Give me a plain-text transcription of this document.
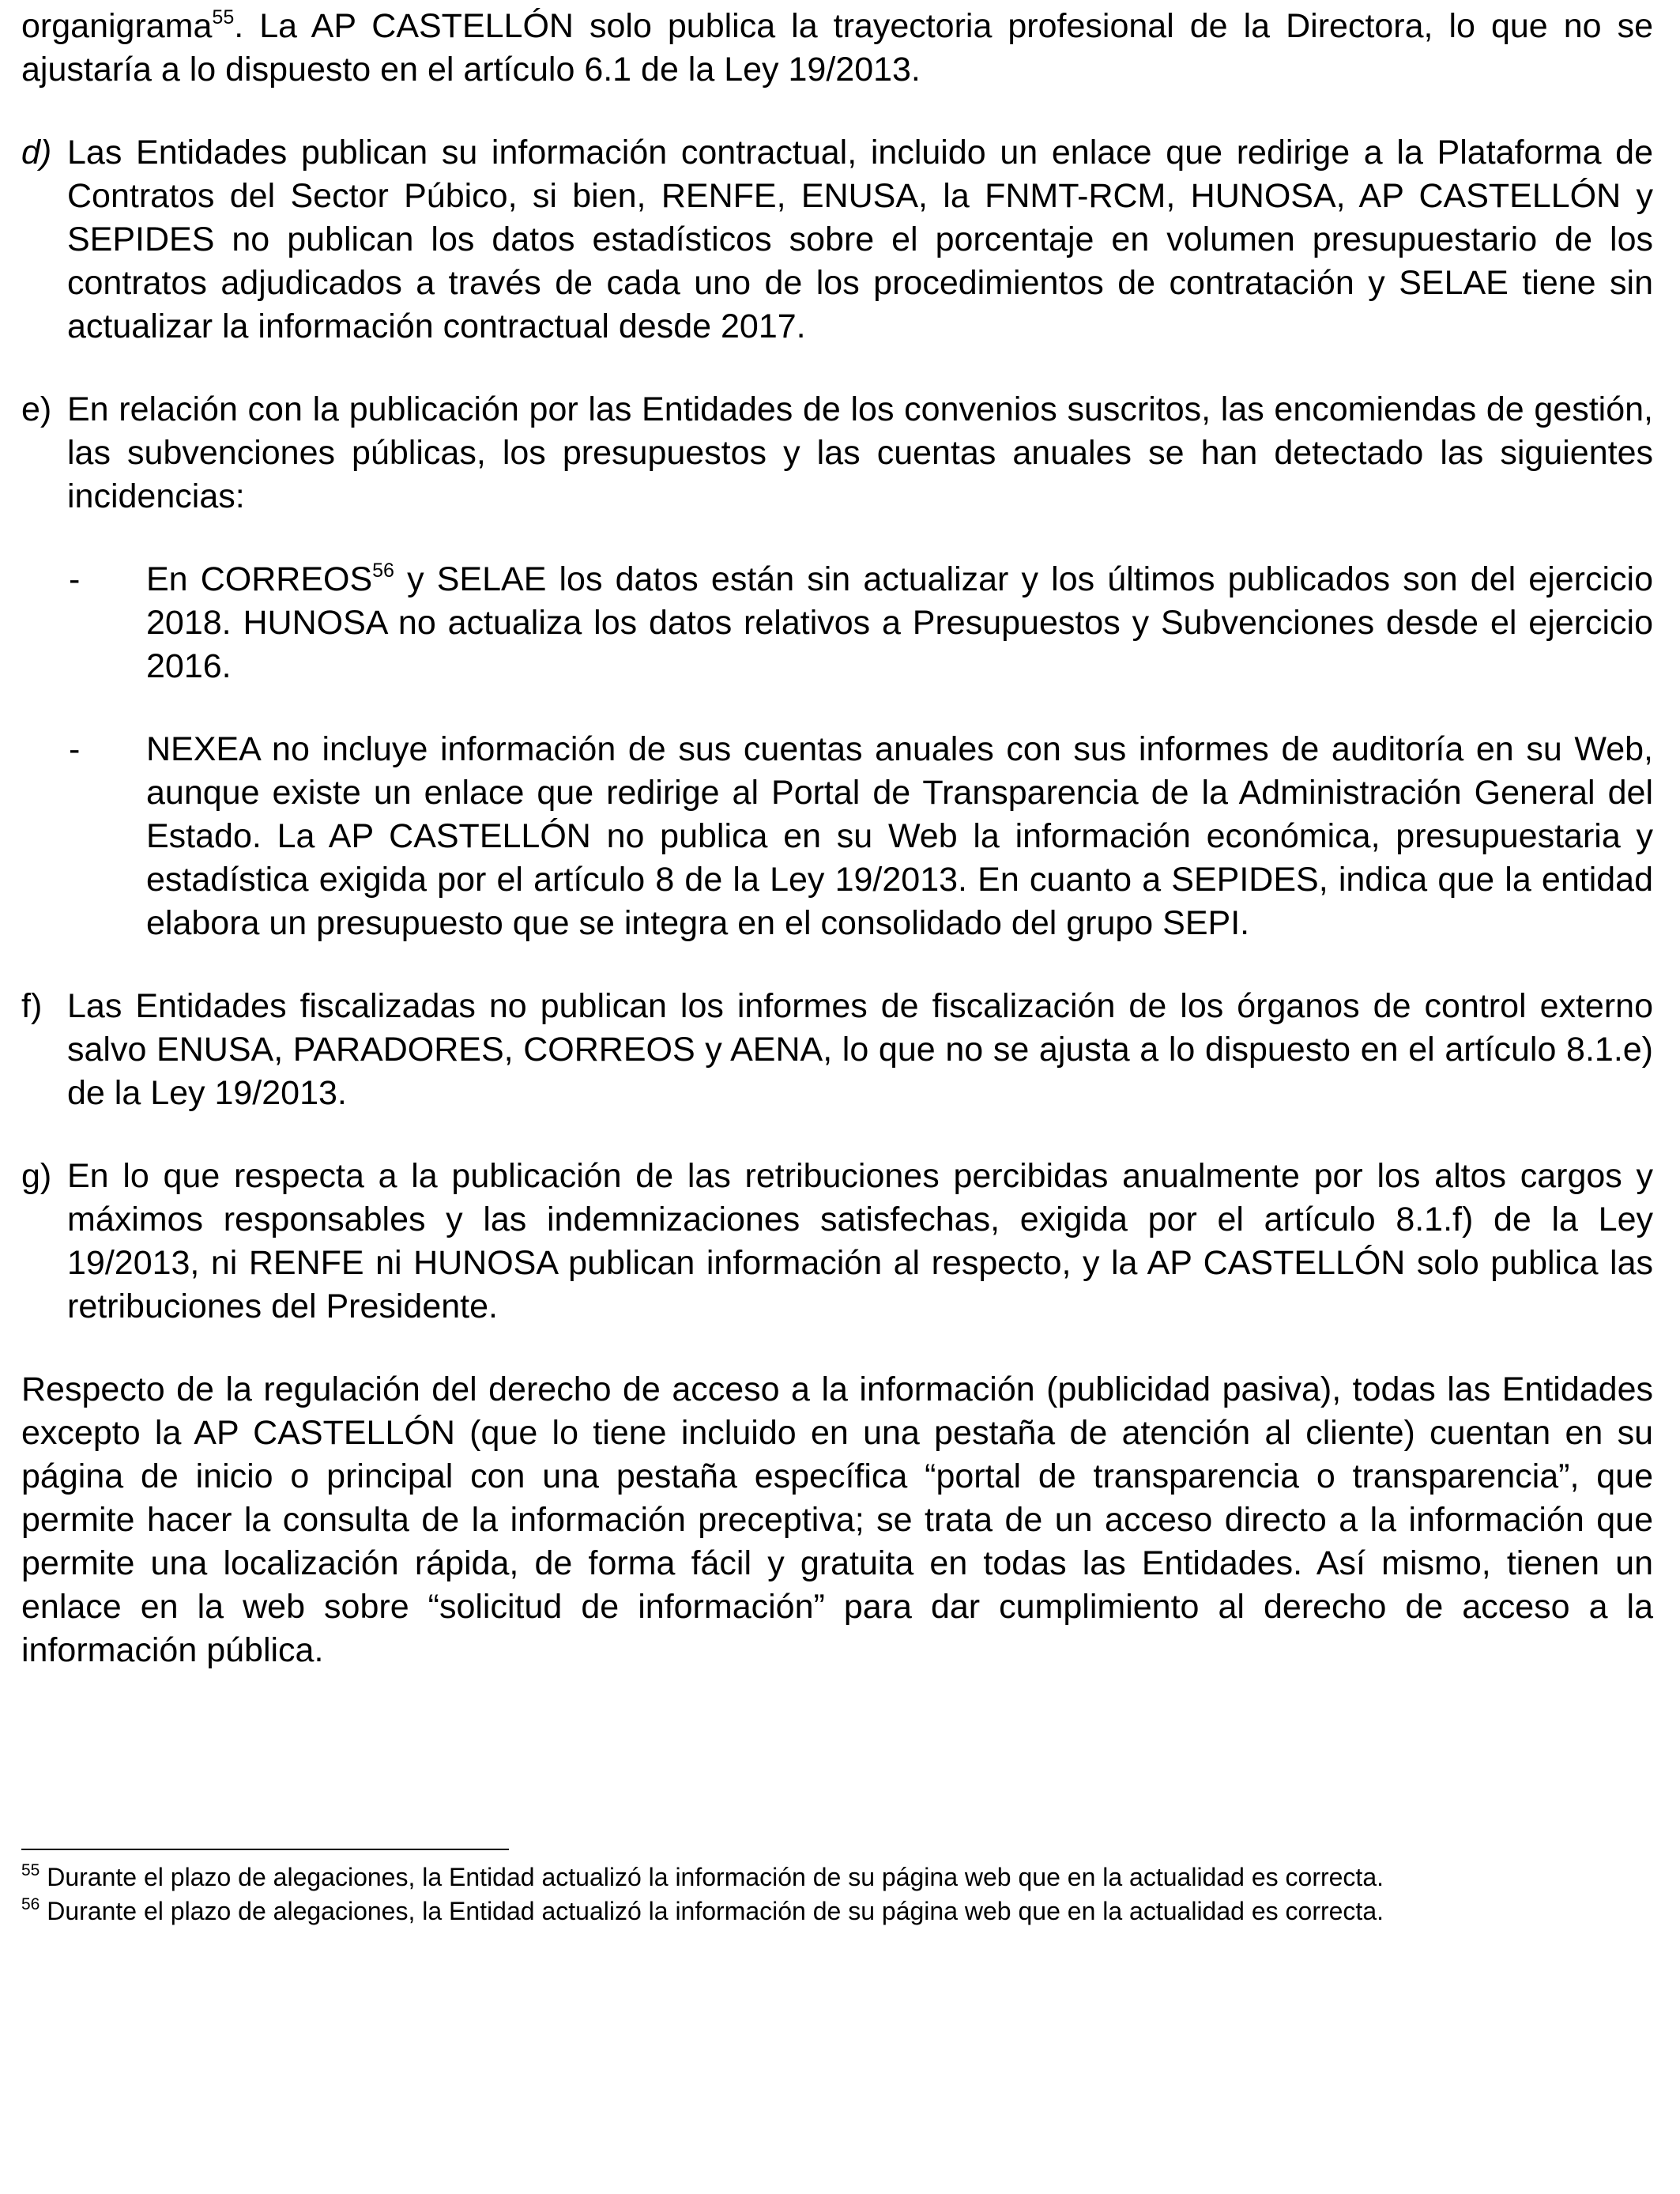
organigrama$^{55}$. La AP CASTELLÓN solo publica la trayectoria profesional de la Directora, lo que no se ajustaría a lo dispuesto en el artículo 6.1 de la Ley 19/2013.

d) Las Entidades publican su información contractual, incluido un enlace que redirige a la Plataforma de Contratos del Sector Púbico, si bien, RENFE, ENUSA, la FNMT-RCM, HUNOSA, AP CASTELLÓN y SEPIDES no publican los datos estadísticos sobre el porcentaje en volumen presupuestario de los contratos adjudicados a través de cada uno de los procedimientos de contratación y SELAE tiene sin actualizar la información contractual desde 2017.

e) En relación con la publicación por las Entidades de los convenios suscritos, las encomiendas de gestión, las subvenciones públicas, los presupuestos y las cuentas anuales se han detectado las siguientes incidencias:

- En CORREOS$^{56}$ y SELAE los datos están sin actualizar y los últimos publicados son del ejercicio 2018. HUNOSA no actualiza los datos relativos a Presupuestos y Subvenciones desde el ejercicio 2016.

- NEXEA no incluye información de sus cuentas anuales con sus informes de auditoría en su Web, aunque existe un enlace que redirige al Portal de Transparencia de la Administración General del Estado. La AP CASTELLÓN no publica en su Web la información económica, presupuestaria y estadística exigida por el artículo 8 de la Ley 19/2013. En cuanto a SEPIDES, indica que la entidad elabora un presupuesto que se integra en el consolidado del grupo SEPI.

f) Las Entidades fiscalizadas no publican los informes de fiscalización de los órganos de control externo salvo ENUSA, PARADORES, CORREOS y AENA, lo que no se ajusta a lo dispuesto en el artículo 8.1.e) de la Ley 19/2013.

g) En lo que respecta a la publicación de las retribuciones percibidas anualmente por los altos cargos y máximos responsables y las indemnizaciones satisfechas, exigida por el artículo 8.1.f) de la Ley 19/2013, ni RENFE ni HUNOSA publican información al respecto, y la AP CASTELLÓN solo publica las retribuciones del Presidente.

Respecto de la regulación del derecho de acceso a la información (publicidad pasiva), todas las Entidades excepto la AP CASTELLÓN (que lo tiene incluido en una pestaña de atención al cliente) cuentan en su página de inicio o principal con una pestaña específica “portal de transparencia o transparencia”, que permite hacer la consulta de la información preceptiva; se trata de un acceso directo a la información que permite una localización rápida, de forma fácil y gratuita en todas las Entidades. Así mismo, tienen un enlace en la web sobre “solicitud de información” para dar cumplimiento al derecho de acceso a la información pública.

$^{55}$ Durante el plazo de alegaciones, la Entidad actualizó la información de su página web que en la actualidad es correcta.

$^{56}$ Durante el plazo de alegaciones, la Entidad actualizó la información de su página web que en la actualidad es correcta.
